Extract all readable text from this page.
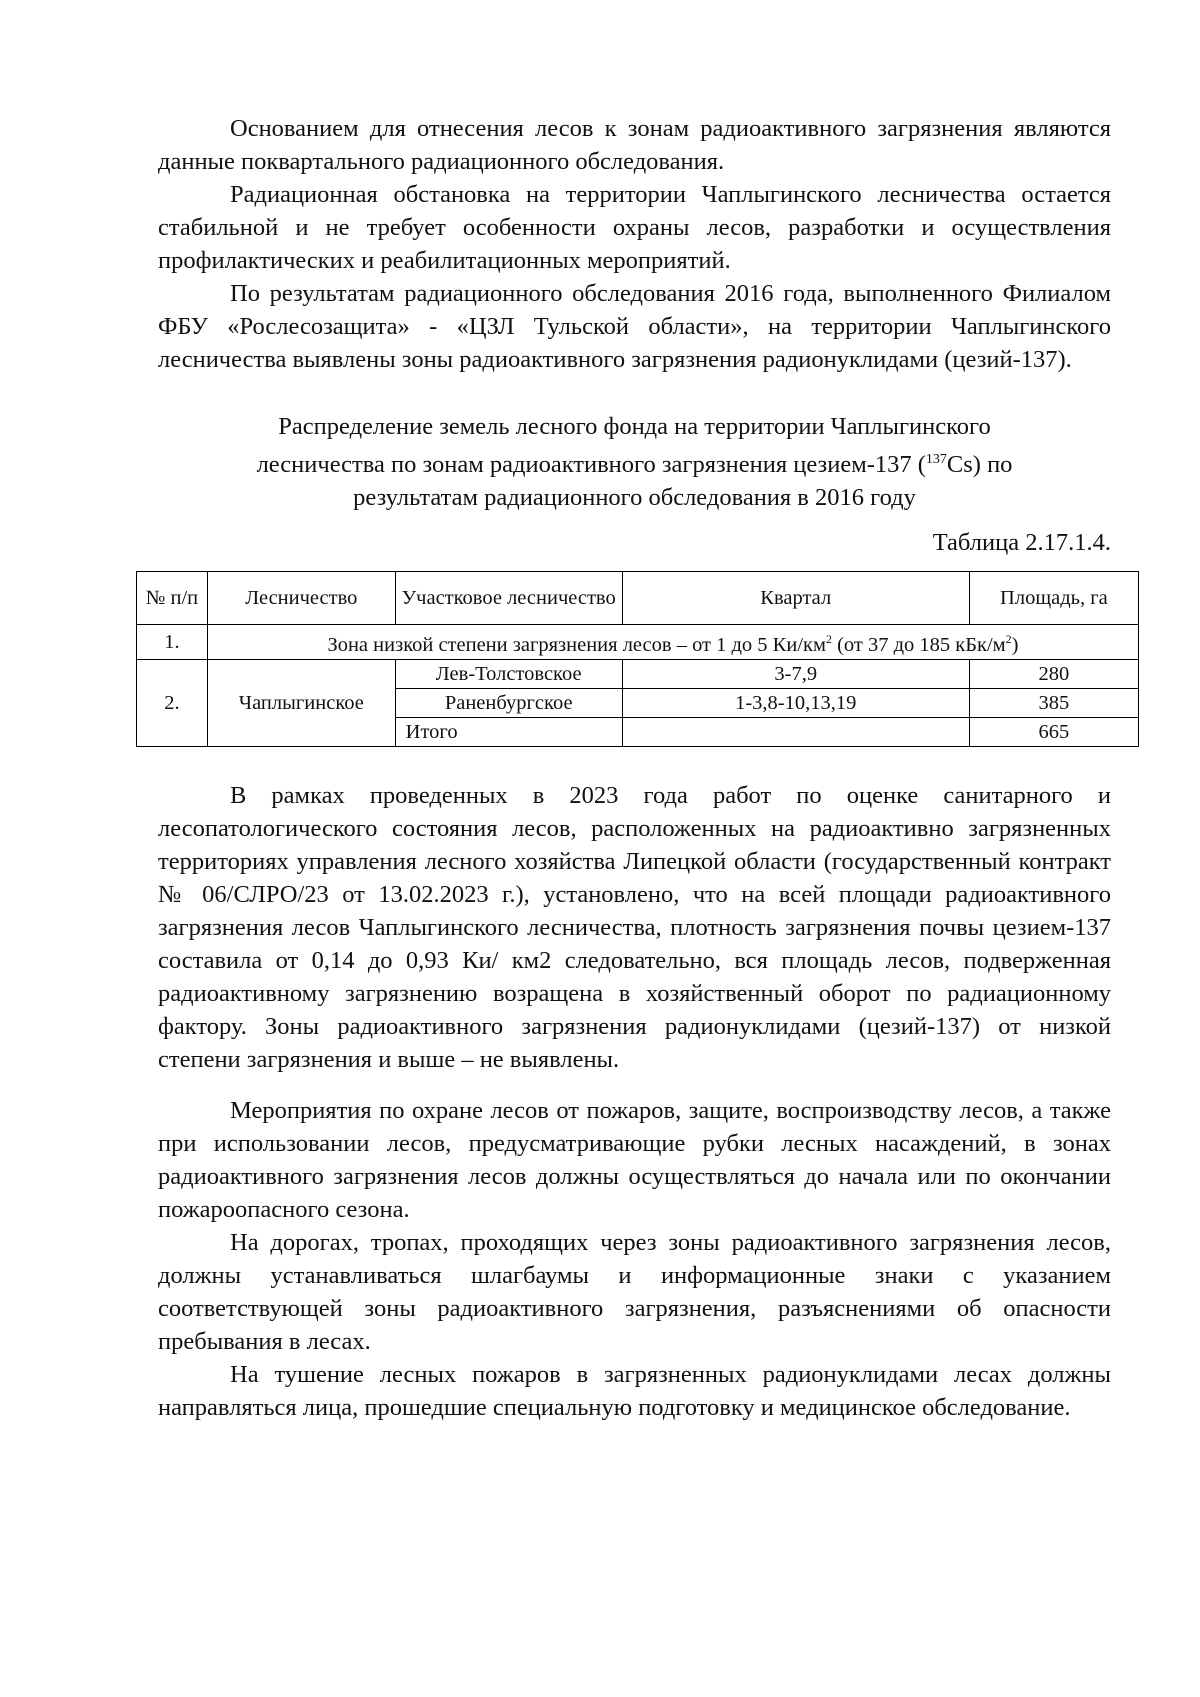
Основанием для отнесения лесов к зонам радиоактивного загрязнения являются данные поквартального радиационного обследования.

Радиационная обстановка на территории Чаплыгинского лесничества остается стабильной и не требует особенности охраны лесов, разработки и осуществления профилактических и реабилитационных мероприятий.

По результатам радиационного обследования 2016 года, выполненного Филиалом ФБУ «Рослесозащита» - «ЦЗЛ Тульской области», на территории Чаплыгинского лесничества выявлены зоны радиоактивного загрязнения радионуклидами (цезий-137).

Распределение земель лесного фонда на территории Чаплыгинского
лесничества по зонам радиоактивного загрязнения цезием-137 ($^{137}$Cs) по
результатам радиационного обследования в 2016 году
Таблица 2.17.1.4.
№ п/п	Лесничество	Участковое лесничество	Квартал	Площадь, га
1.	Зона низкой степени загрязнения лесов – от 1 до 5 $Ки/км^2$ (от 37 до 185 кБк/$м^2$)			
2.	Чаплыгинское	Лев-Толстовское	3-7,9	280
		Раненбургское	1-3,8-10,13,19	385
		Итого		665

В рамках проведенных в 2023 года работ по оценке санитарного и лесопатологического состояния лесов, расположенных на радиоактивно загрязненных территориях управления лесного хозяйства Липецкой области (государственный контракт № 06/СЛРО/23 от 13.02.2023 г.), установлено, что на всей площади радиоактивного загрязнения лесов Чаплыгинского лесничества, плотность загрязнения почвы цезием-137 составила от 0,14 до 0,93 Ки/ км2 следовательно, вся площадь лесов, подверженная радиоактивному загрязнению возращена в хозяйственный оборот по радиационному фактору. Зоны радиоактивного загрязнения радионуклидами (цезий-137) от низкой степени загрязнения и выше – не выявлены.

Мероприятия по охране лесов от пожаров, защите, воспроизводству лесов, а также при использовании лесов, предусматривающие рубки лесных насаждений, в зонах радиоактивного загрязнения лесов должны осуществляться до начала или по окончании пожароопасного сезона.

На дорогах, тропах, проходящих через зоны радиоактивного загрязнения лесов, должны устанавливаться шлагбаумы и информационные знаки с указанием соответствующей зоны радиоактивного загрязнения, разъяснениями об опасности пребывания в лесах.

На тушение лесных пожаров в загрязненных радионуклидами лесах должны направляться лица, прошедшие специальную подготовку и медицинское обследование.
